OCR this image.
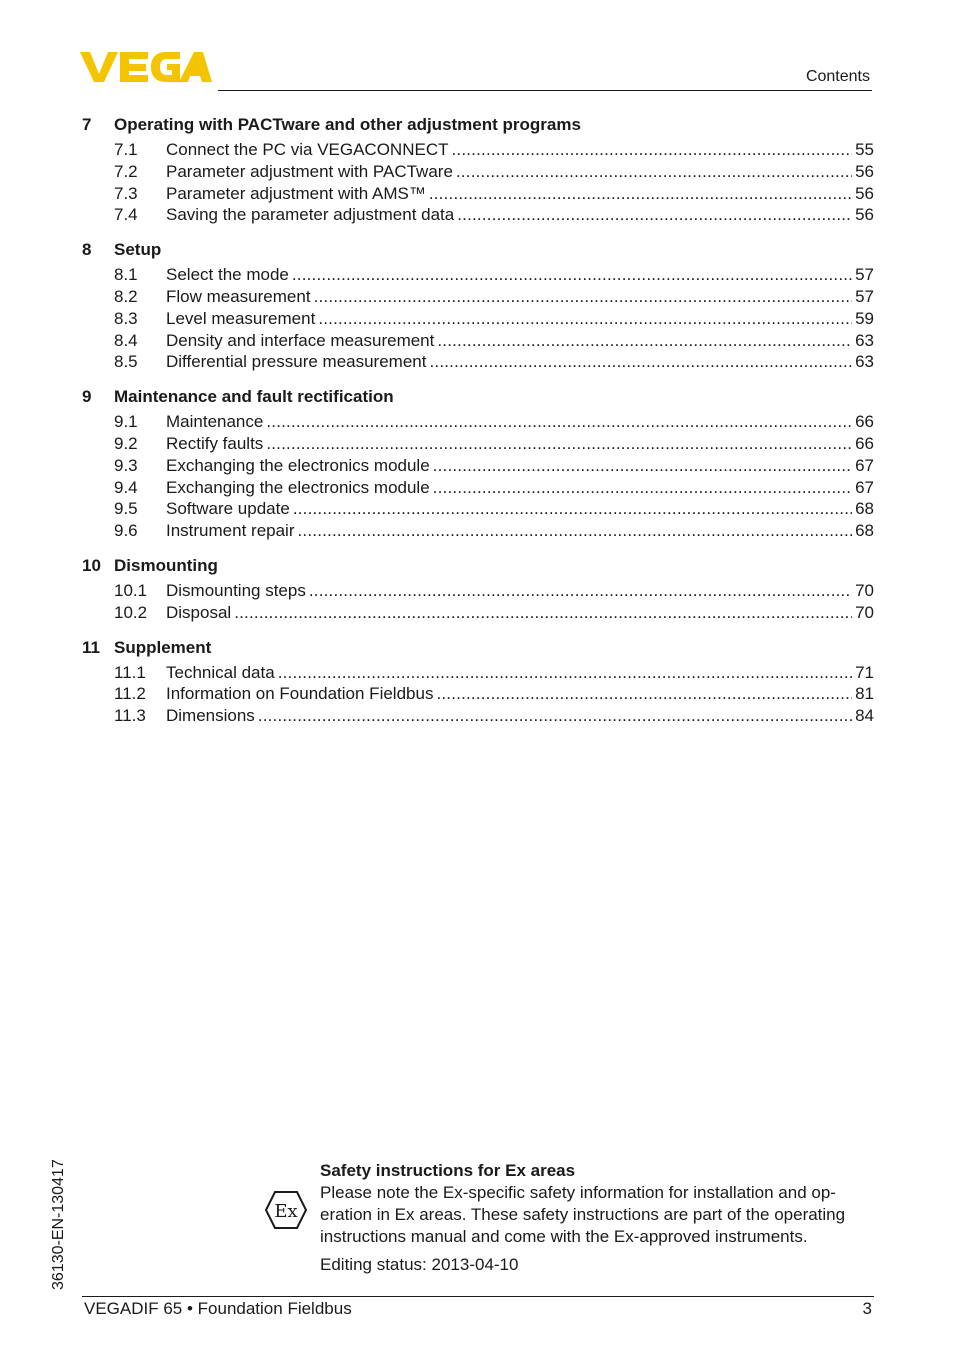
Contents
7	Operating with PACTware and other adjustment programs
7.1	Connect the PC via VEGACONNECT .....	55
7.2	Parameter adjustment with PACTware .....	56
7.3	Parameter adjustment with AMS™ .....	56
7.4	Saving the parameter adjustment data .....	56
8	Setup
8.1	Select the mode .....	57
8.2	Flow measurement .....	57
8.3	Level measurement .....	59
8.4	Density and interface measurement .....	63
8.5	Differential pressure measurement .....	63
9	Maintenance and fault rectification
9.1	Maintenance .....	66
9.2	Rectify faults .....	66
9.3	Exchanging the electronics module .....	67
9.4	Exchanging the electronics module .....	67
9.5	Software update .....	68
9.6	Instrument repair .....	68
10 Dismounting
10.1	Dismounting steps .....	70
10.2	Disposal .....	70
11 Supplement
11.1	Technical data .....	71
11.2	Information on Foundation Fieldbus .....	81
11.3	Dimensions .....	84
36130-EN-130417	Ex
Safety instructions for Ex areas
Please note the Ex-specific safety information for installation and op-eration in Ex areas. These safety instructions are part of the operating instructions manual and come with the Ex-approved instruments.
Editing status: 2013-04-10
VEGADIF 65 • Foundation Fieldbus	3
